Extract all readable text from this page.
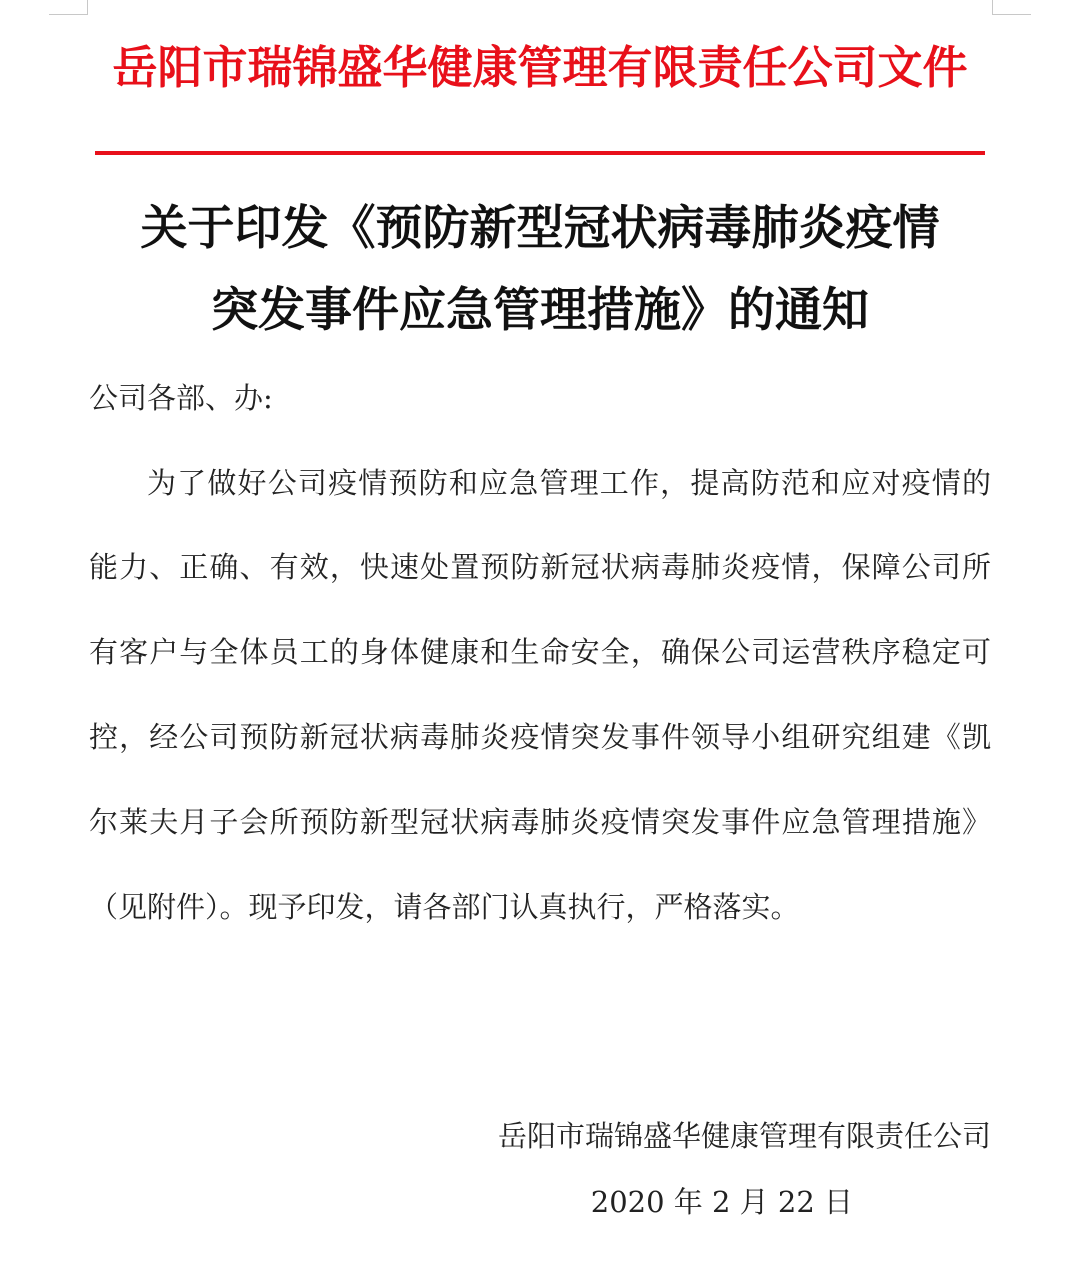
岳阳市瑞锦盛华健康管理有限责任公司文件
关于印发《预防新型冠状病毒肺炎疫情
突发事件应急管理措施》的通知
公司各部、办:
为了做好公司疫情预防和应急管理工作，提高防范和应对疫情的
能力、正确、有效，快速处置预防新冠状病毒肺炎疫情，保障公司所
有客户与全体员工的身体健康和生命安全，确保公司运营秩序稳定可
控，经公司预防新冠状病毒肺炎疫情突发事件领导小组研究组建《凯
尔莱夫月子会所预防新型冠状病毒肺炎疫情突发事件应急管理措施》
（见附件）。现予印发，请各部门认真执行，严格落实。
岳阳市瑞锦盛华健康管理有限责任公司
2020 年 2 月 22 日
